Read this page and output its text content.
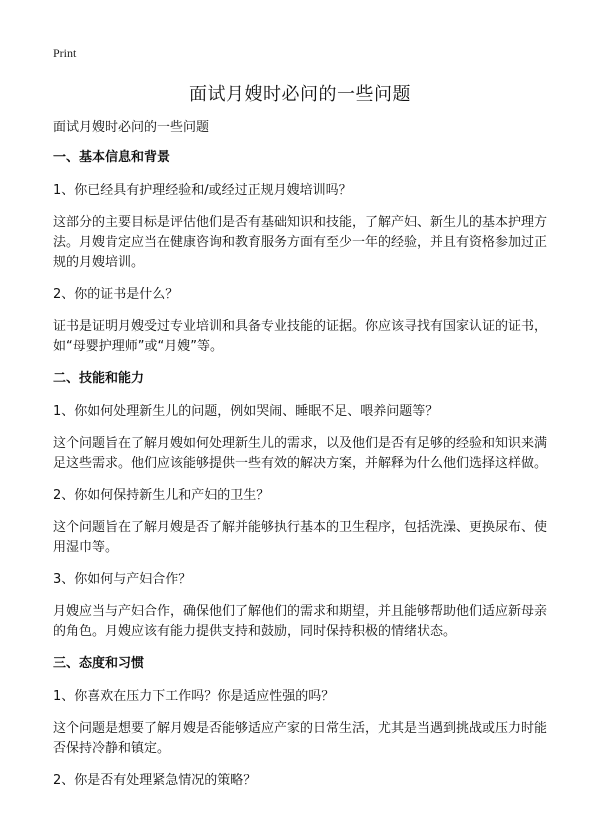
Print
面试月嫂时必问的一些问题

面试月嫂时必问的一些问题

一、基本信息和背景

1、你已经具有护理经验和/或经过正规月嫂培训吗？

这部分的主要目标是评估他们是否有基础知识和技能，了解产妇、新生儿的基本护理方法。月嫂肯定应当在健康咨询和教育服务方面有至少一年的经验，并且有资格参加过正规的月嫂培训。

2、你的证书是什么？

证书是证明月嫂受过专业培训和具备专业技能的证据。你应该寻找有国家认证的证书，如“母婴护理师”或“月嫂”等。

二、技能和能力

1、你如何处理新生儿的问题，例如哭闹、睡眠不足、喂养问题等？

这个问题旨在了解月嫂如何处理新生儿的需求，以及他们是否有足够的经验和知识来满足这些需求。他们应该能够提供一些有效的解决方案，并解释为什么他们选择这样做。

2、你如何保持新生儿和产妇的卫生？

这个问题旨在了解月嫂是否了解并能够执行基本的卫生程序，包括洗澡、更换尿布、使用湿巾等。

3、你如何与产妇合作？

月嫂应当与产妇合作，确保他们了解他们的需求和期望，并且能够帮助他们适应新母亲的角色。月嫂应该有能力提供支持和鼓励，同时保持积极的情绪状态。

三、态度和习惯

1、你喜欢在压力下工作吗？你是适应性强的吗？

这个问题是想要了解月嫂是否能够适应产家的日常生活，尤其是当遇到挑战或压力时能否保持冷静和镇定。

2、你是否有处理紧急情况的策略？
